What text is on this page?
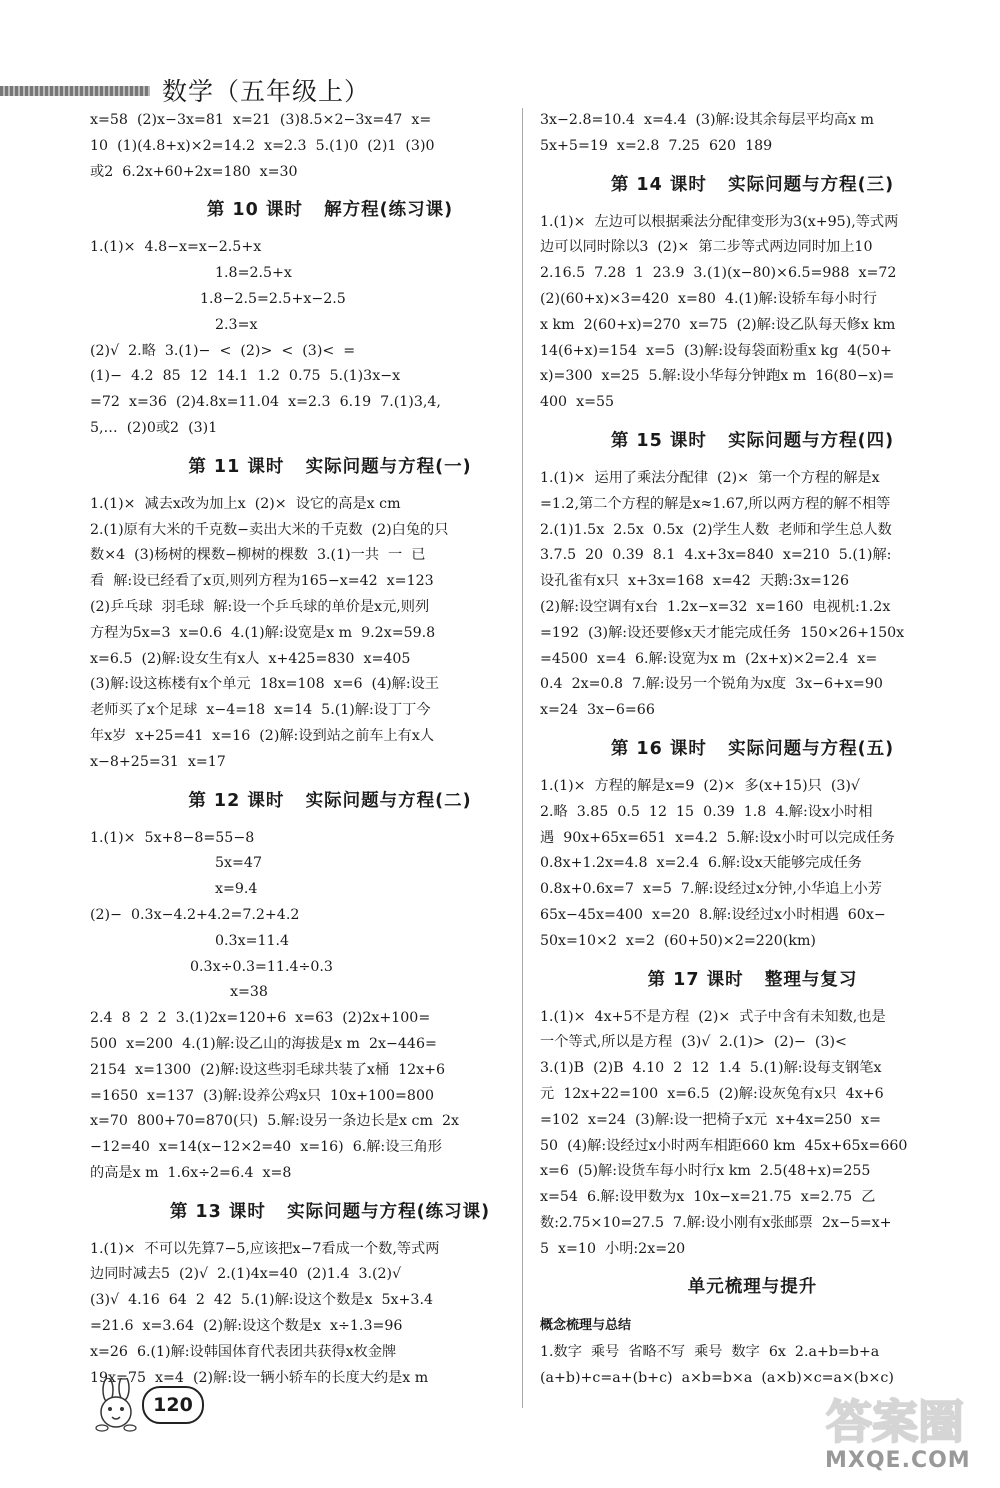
数学（五年级上）
x=58  (2)x−3x=81  x=21  (3)8.5×2−3x=47  x=
10  (1)(4.8+x)×2=14.2  x=2.3  5.(1)0  (2)1  (3)0
或2  6.2x+60+2x=180  x=30
第 10 课时   解方程(练习课)
1.(1)×  4.8−x=x−2.5+x
1.8=2.5+x
1.8−2.5=2.5+x−2.5
2.3=x
(2)√  2.略  3.(1)−  <  (2)>  <  (3)<  =
(1)−  4.2  85  12  14.1  1.2  0.75  5.(1)3x−x
=72  x=36  (2)4.8x=11.04  x=2.3  6.19  7.(1)3,4,
5,…  (2)0或2  (3)1
第 11 课时   实际问题与方程(一)
1.(1)×  减去x改为加上x  (2)×  设它的高是x cm
2.(1)原有大米的千克数−卖出大米的千克数  (2)白兔的只
数×4  (3)杨树的棵数−柳树的棵数  3.(1)一共  一  已
看  解:设已经看了x页,则列方程为165−x=42  x=123
(2)乒乓球  羽毛球  解:设一个乒乓球的单价是x元,则列
方程为5x=3  x=0.6  4.(1)解:设宽是x m  9.2x=59.8
x=6.5  (2)解:设女生有x人  x+425=830  x=405
(3)解:设这栋楼有x个单元  18x=108  x=6  (4)解:设王
老师买了x个足球  x−4=18  x=14  5.(1)解:设丁丁今
年x岁  x+25=41  x=16  (2)解:设到站之前车上有x人
x−8+25=31  x=17
第 12 课时   实际问题与方程(二)
1.(1)×  5x+8−8=55−8
5x=47
x=9.4
(2)−  0.3x−4.2+4.2=7.2+4.2
0.3x=11.4
0.3x÷0.3=11.4÷0.3
x=38
2.4  8  2  2  3.(1)2x=120+6  x=63  (2)2x+100=
500  x=200  4.(1)解:设乙山的海拔是x m  2x−446=
2154  x=1300  (2)解:设这些羽毛球共装了x桶  12x+6
=1650  x=137  (3)解:设养公鸡x只  10x+100=800
x=70  800+70=870(只)  5.解:设另一条边长是x cm  2x
−12=40  x=14(x−12×2=40  x=16)  6.解:设三角形
的高是x m  1.6x÷2=6.4  x=8
第 13 课时   实际问题与方程(练习课)
1.(1)×  不可以先算7−5,应该把x−7看成一个数,等式两
边同时减去5  (2)√  2.(1)4x=40  (2)1.4  3.(2)√
(3)√  4.16  64  2  42  5.(1)解:设这个数是x  5x+3.4
=21.6  x=3.64  (2)解:设这个数是x  x÷1.3=96
x=26  6.(1)解:设韩国体育代表团共获得x枚金牌
19x=75  x=4  (2)解:设一辆小轿车的长度大约是x m
3x−2.8=10.4  x=4.4  (3)解:设其余每层平均高x m
5x+5=19  x=2.8  7.25  620  189
第 14 课时   实际问题与方程(三)
1.(1)×  左边可以根据乘法分配律变形为3(x+95),等式两
边可以同时除以3  (2)×  第二步等式两边同时加上10
2.16.5  7.28  1  23.9  3.(1)(x−80)×6.5=988  x=72
(2)(60+x)×3=420  x=80  4.(1)解:设轿车每小时行
x km  2(60+x)=270  x=75  (2)解:设乙队每天修x km
14(6+x)=154  x=5  (3)解:设每袋面粉重x kg  4(50+
x)=300  x=25  5.解:设小华每分钟跑x m  16(80−x)=
400  x=55
第 15 课时   实际问题与方程(四)
1.(1)×  运用了乘法分配律  (2)×  第一个方程的解是x
=1.2,第二个方程的解是x≈1.67,所以两方程的解不相等
2.(1)1.5x  2.5x  0.5x  (2)学生人数  老师和学生总人数
3.7.5  20  0.39  8.1  4.x+3x=840  x=210  5.(1)解:
设孔雀有x只  x+3x=168  x=42  天鹅:3x=126
(2)解:设空调有x台  1.2x−x=32  x=160  电视机:1.2x
=192  (3)解:设还要修x天才能完成任务  150×26+150x
=4500  x=4  6.解:设宽为x m  (2x+x)×2=2.4  x=
0.4  2x=0.8  7.解:设另一个锐角为x度  3x−6+x=90
x=24  3x−6=66
第 16 课时   实际问题与方程(五)
1.(1)×  方程的解是x=9  (2)×  多(x+15)只  (3)√
2.略  3.85  0.5  12  15  0.39  1.8  4.解:设x小时相
遇  90x+65x=651  x=4.2  5.解:设x小时可以完成任务
0.8x+1.2x=4.8  x=2.4  6.解:设x天能够完成任务
0.8x+0.6x=7  x=5  7.解:设经过x分钟,小华追上小芳
65x−45x=400  x=20  8.解:设经过x小时相遇  60x−
50x=10×2  x=2  (60+50)×2=220(km)
第 17 课时   整理与复习
1.(1)×  4x+5不是方程  (2)×  式子中含有未知数,也是
一个等式,所以是方程  (3)√  2.(1)>  (2)−  (3)<
3.(1)B  (2)B  4.10  2  12  1.4  5.(1)解:设每支钢笔x
元  12x+22=100  x=6.5  (2)解:设灰兔有x只  4x+6
=102  x=24  (3)解:设一把椅子x元  x+4x=250  x=
50  (4)解:设经过x小时两车相距660 km  45x+65x=660
x=6  (5)解:设货车每小时行x km  2.5(48+x)=255
x=54  6.解:设甲数为x  10x−x=21.75  x=2.75  乙
数:2.75×10=27.5  7.解:设小刚有x张邮票  2x−5=x+
5  x=10  小明:2x=20
单元梳理与提升
概念梳理与总结
1.数字  乘号  省略不写  乘号  数字  6x  2.a+b=b+a
(a+b)+c=a+(b+c)  a×b=b×a  (a×b)×c=a×(b×c)
120	答案圈
MXQE.COM
